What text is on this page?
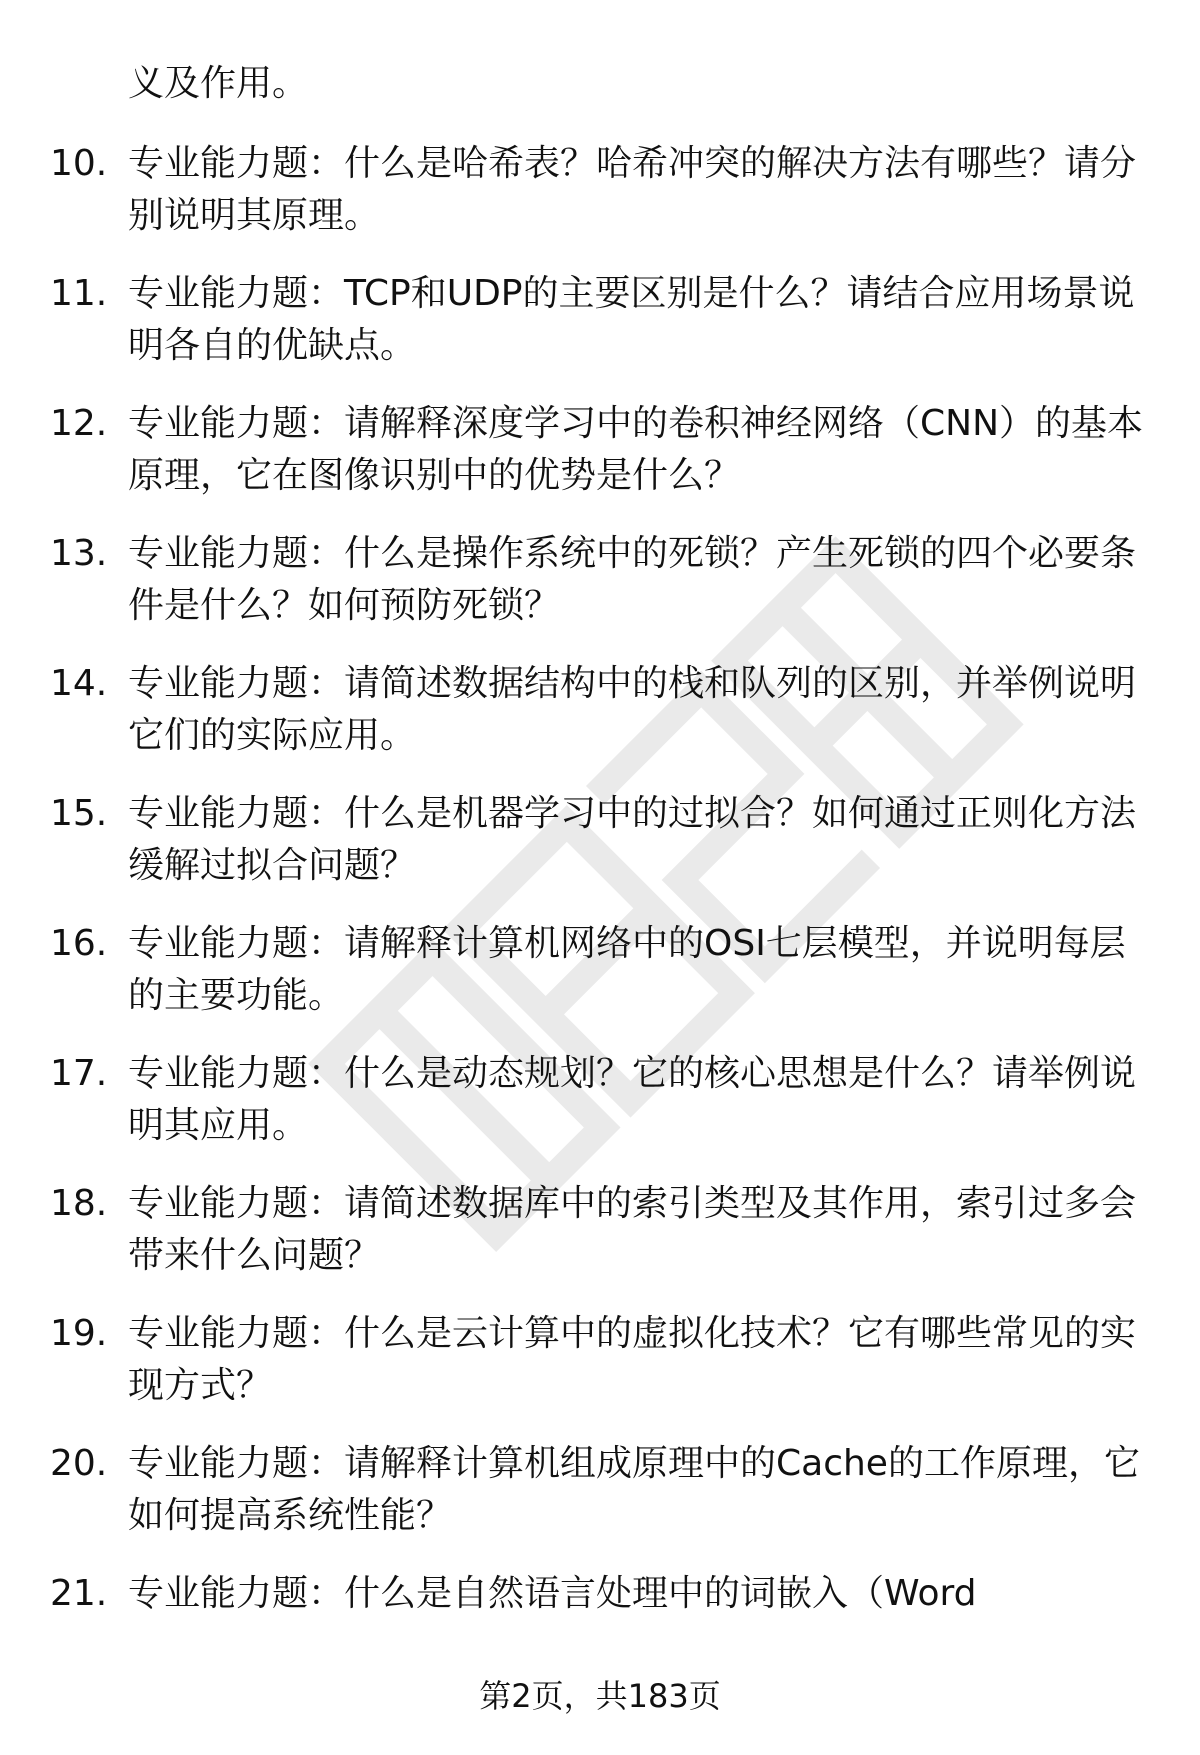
义及作用。
10. 专业能力题：什么是哈希表？哈希冲突的解决方法有哪些？请分
别说明其原理。
11. 专业能力题：TCP和UDP的主要区别是什么？请结合应用场景说
明各自的优缺点。
12. 专业能力题：请解释深度学习中的卷积神经网络（CNN）的基本
原理，它在图像识别中的优势是什么？
13. 专业能力题：什么是操作系统中的死锁？产生死锁的四个必要条
件是什么？如何预防死锁？
14. 专业能力题：请简述数据结构中的栈和队列的区别，并举例说明
它们的实际应用。
15. 专业能力题：什么是机器学习中的过拟合？如何通过正则化方法
缓解过拟合问题？
16. 专业能力题：请解释计算机网络中的OSI七层模型，并说明每层
的主要功能。
17. 专业能力题：什么是动态规划？它的核心思想是什么？请举例说
明其应用。
18. 专业能力题：请简述数据库中的索引类型及其作用，索引过多会
带来什么问题？
19. 专业能力题：什么是云计算中的虚拟化技术？它有哪些常见的实
现方式？
20. 专业能力题：请解释计算机组成原理中的Cache的工作原理，它
如何提高系统性能？
21. 专业能力题：什么是自然语言处理中的词嵌入（Word
第2页，共183页
